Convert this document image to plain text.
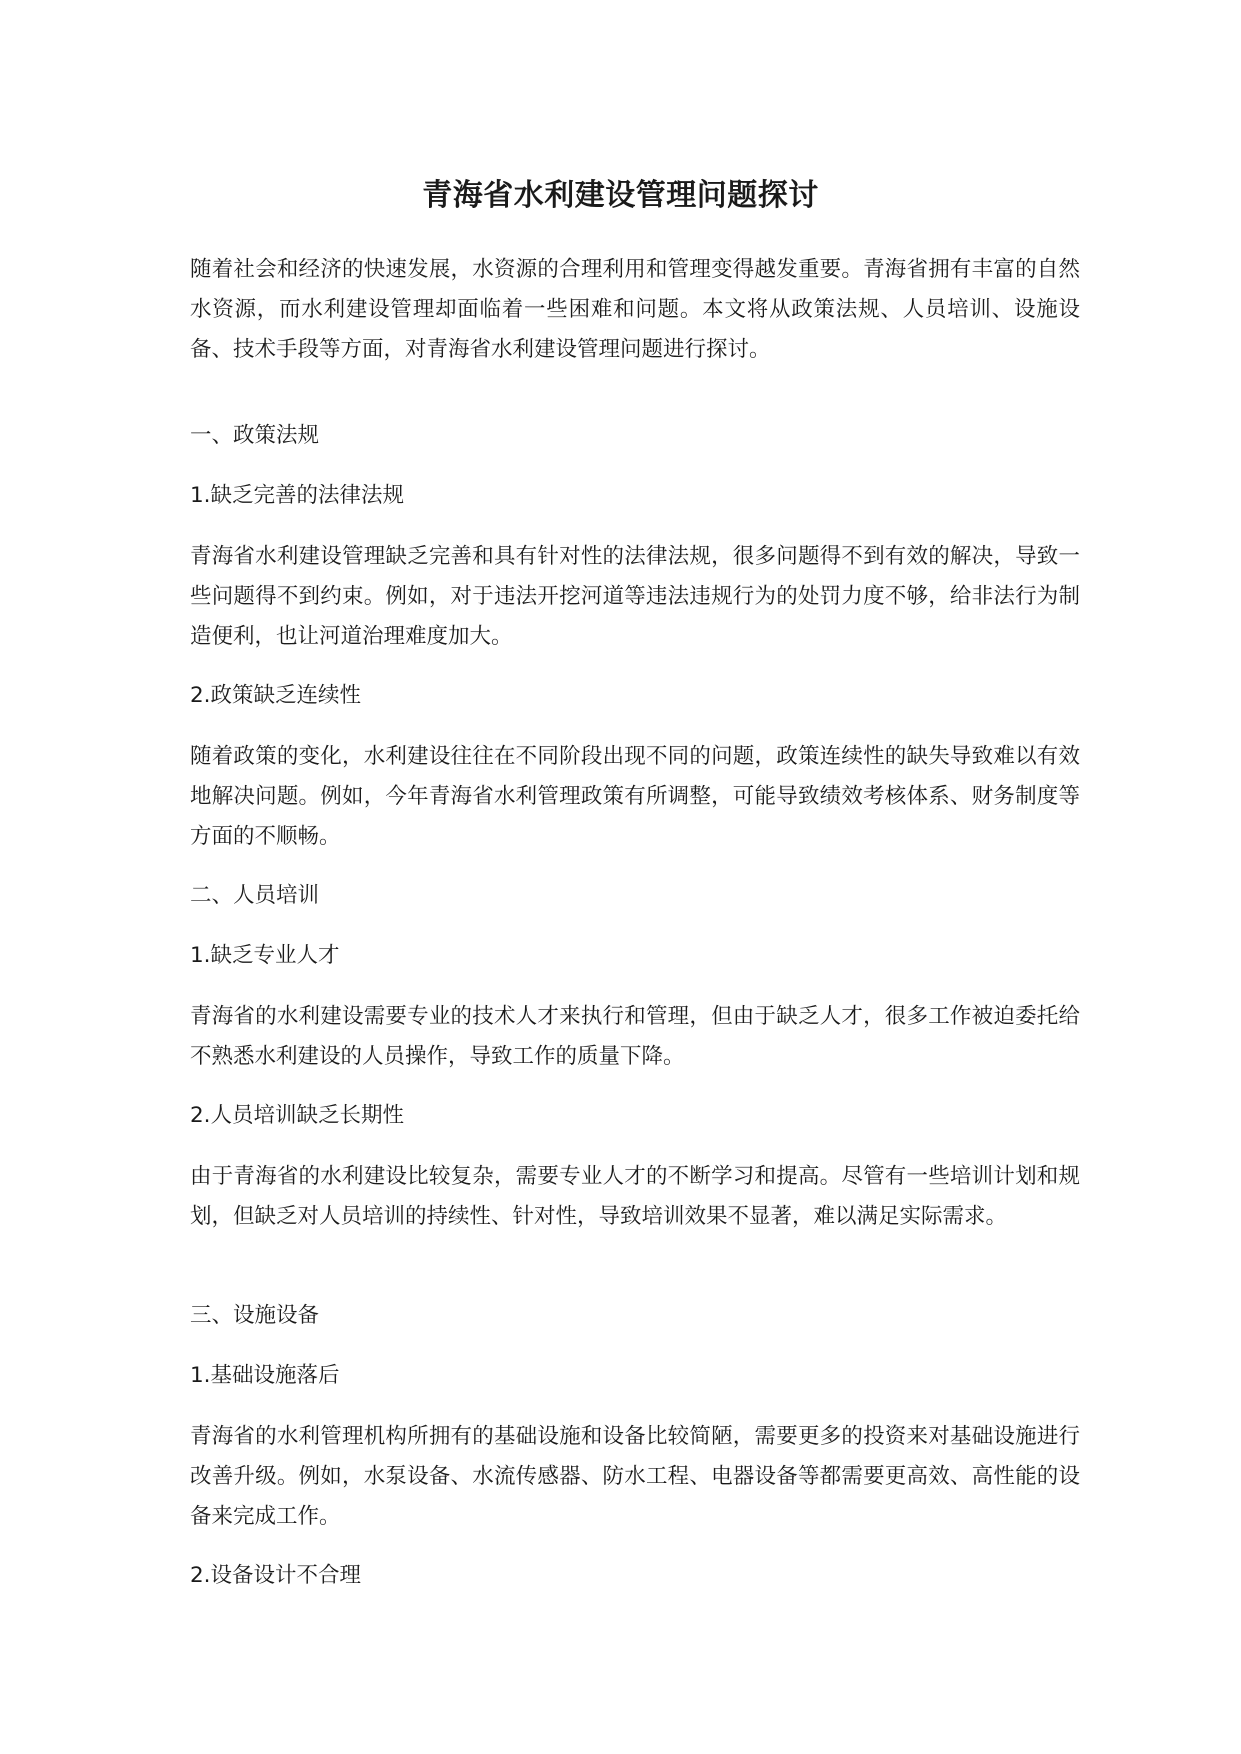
青海省水利建设管理问题探讨

随着社会和经济的快速发展，水资源的合理利用和管理变得越发重要。青海省拥有丰富的自然水资源，而水利建设管理却面临着一些困难和问题。本文将从政策法规、人员培训、设施设备、技术手段等方面，对青海省水利建设管理问题进行探讨。

一、政策法规

1.缺乏完善的法律法规

青海省水利建设管理缺乏完善和具有针对性的法律法规，很多问题得不到有效的解决，导致一些问题得不到约束。例如，对于违法开挖河道等违法违规行为的处罚力度不够，给非法行为制造便利，也让河道治理难度加大。

2.政策缺乏连续性

随着政策的变化，水利建设往往在不同阶段出现不同的问题，政策连续性的缺失导致难以有效地解决问题。例如，今年青海省水利管理政策有所调整，可能导致绩效考核体系、财务制度等方面的不顺畅。

二、人员培训

1.缺乏专业人才

青海省的水利建设需要专业的技术人才来执行和管理，但由于缺乏人才，很多工作被迫委托给不熟悉水利建设的人员操作，导致工作的质量下降。

2.人员培训缺乏长期性

由于青海省的水利建设比较复杂，需要专业人才的不断学习和提高。尽管有一些培训计划和规划，但缺乏对人员培训的持续性、针对性，导致培训效果不显著，难以满足实际需求。

三、设施设备

1.基础设施落后

青海省的水利管理机构所拥有的基础设施和设备比较简陋，需要更多的投资来对基础设施进行改善升级。例如，水泵设备、水流传感器、防水工程、电器设备等都需要更高效、高性能的设备来完成工作。

2.设备设计不合理
